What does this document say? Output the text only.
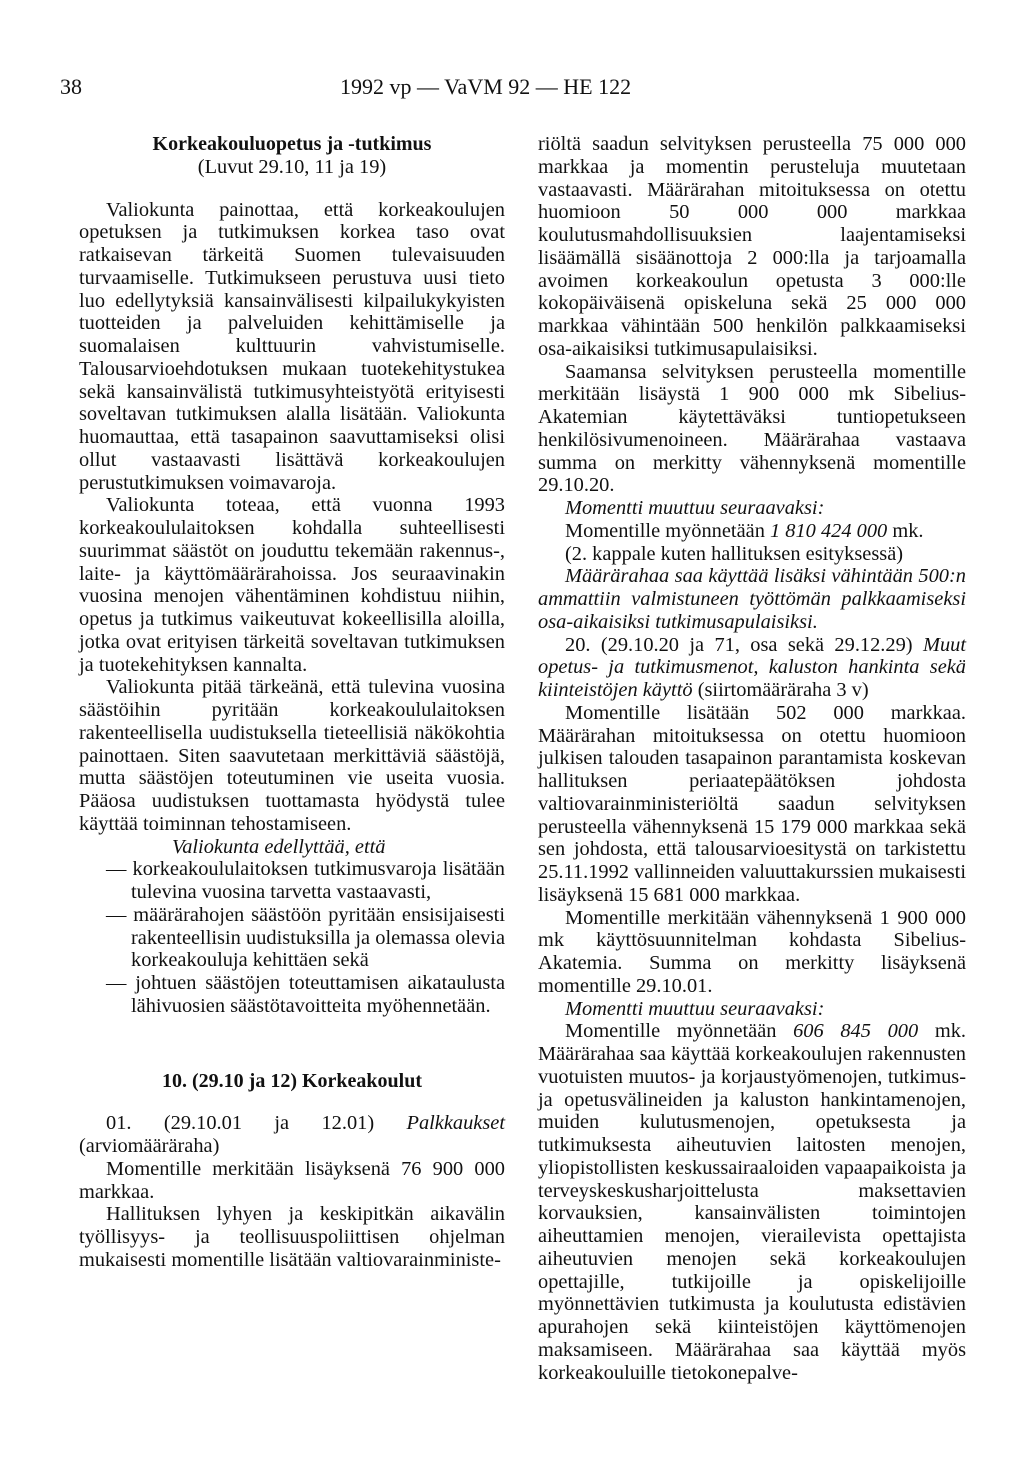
38	1992 vp — VaVM 92 — HE 122

Korkeakouluopetus ja -tutkimus

(Luvut 29.10, 11 ja 19)

Valiokunta painottaa, että korkeakoulujen opetuksen ja tutkimuksen korkea taso ovat ratkaisevan tärkeitä Suomen tulevaisuuden turvaamiselle. Tutkimukseen perustuva uusi tieto luo edellytyksiä kansainvälisesti kilpailukykyisten tuotteiden ja palveluiden kehittämiselle ja suomalaisen kulttuurin vahvistumiselle. Talousarvioehdotuksen mukaan tuotekehitystukea sekä kansainvälistä tutkimusyhteistyötä erityisesti soveltavan tutkimuksen alalla lisätään. Valiokunta huomauttaa, että tasapainon saavuttamiseksi olisi ollut vastaavasti lisättävä korkeakoulujen perustutkimuksen voimavaroja.

Valiokunta toteaa, että vuonna 1993 korkeakoululaitoksen kohdalla suhteellisesti suurimmat säästöt on jouduttu tekemään rakennus-, laite- ja käyttömäärärahoissa. Jos seuraavinakin vuosina menojen vähentäminen kohdistuu niihin, opetus ja tutkimus vaikeutuvat kokeellisilla aloilla, jotka ovat erityisen tärkeitä soveltavan tutkimuksen ja tuotekehityksen kannalta.

Valiokunta pitää tärkeänä, että tulevina vuosina säästöihin pyritään korkeakoululaitoksen rakenteellisella uudistuksella tieteellisiä näkökohtia painottaen. Siten saavutetaan merkittäviä säästöjä, mutta säästöjen toteutuminen vie useita vuosia. Pääosa uudistuksen tuottamasta hyödystä tulee käyttää toiminnan tehostamiseen.

Valiokunta edellyttää, että

— korkeakoululaitoksen tutkimusvaroja lisätään tulevina vuosina tarvetta vastaavasti,

— määrärahojen säästöön pyritään ensisijaisesti rakenteellisin uudistuksilla ja olemassa olevia korkeakouluja kehittäen sekä

— johtuen säästöjen toteuttamisen aikataulusta lähivuosien säästötavoitteita myöhennetään.

10. (29.10 ja 12) Korkeakoulut

01. (29.10.01 ja 12.01) Palkkaukset (arviomääräraha)

Momentille merkitään lisäyksenä 76 900 000 markkaa.

Hallituksen lyhyen ja keskipitkän aikavälin työllisyys- ja teollisuuspoliittisen ohjelman mukaisesti momentille lisätään valtiovarainministe-

riöltä saadun selvityksen perusteella 75 000 000 markkaa ja momentin perusteluja muutetaan vastaavasti. Määrärahan mitoituksessa on otettu huomioon 50 000 000 markkaa koulutusmahdollisuuksien laajentamiseksi lisäämällä sisäänottoja 2 000:lla ja tarjoamalla avoimen korkeakoulun opetusta 3 000:lle kokopäiväisenä opiskeluna sekä 25 000 000 markkaa vähintään 500 henkilön palkkaamiseksi osa-aikaisiksi tutkimusapulaisiksi.

Saamansa selvityksen perusteella momentille merkitään lisäystä 1 900 000 mk Sibelius-Akatemian käytettäväksi tuntiopetukseen henkilösivumenoineen. Määrärahaa vastaava summa on merkitty vähennyksenä momentille 29.10.20.

Momentti muuttuu seuraavaksi:

Momentille myönnetään 1 810 424 000 mk.

(2. kappale kuten hallituksen esityksessä)

Määrärahaa saa käyttää lisäksi vähintään 500:n ammattiin valmistuneen työttömän palkkaamiseksi osa-aikaisiksi tutkimusapulaisiksi.

20. (29.10.20 ja 71, osa sekä 29.12.29) Muut opetus- ja tutkimusmenot, kaluston hankinta sekä kiinteistöjen käyttö (siirtomääräraha 3 v)

Momentille lisätään 502 000 markkaa. Määrärahan mitoituksessa on otettu huomioon julkisen talouden tasapainon parantamista koskevan hallituksen periaatepäätöksen johdosta valtiovarainministeriöltä saadun selvityksen perusteella vähennyksenä 15 179 000 markkaa sekä sen johdosta, että talousarvioesitystä on tarkistettu 25.11.1992 vallinneiden valuuttakurssien mukaisesti lisäyksenä 15 681 000 markkaa.

Momentille merkitään vähennyksenä 1 900 000 mk käyttösuunnitelman kohdasta Sibelius-Akatemia. Summa on merkitty lisäyksenä momentille 29.10.01.

Momentti muuttuu seuraavaksi:

Momentille myönnetään 606 845 000 mk. Määrärahaa saa käyttää korkeakoulujen rakennusten vuotuisten muutos- ja korjaustyömenojen, tutkimus- ja opetusvälineiden ja kaluston hankintamenojen, muiden kulutusmenojen, opetuksesta ja tutkimuksesta aiheutuvien laitosten menojen, yliopistollisten keskussairaaloiden vapaapaikoista ja terveyskeskusharjoittelusta maksettavien korvauksien, kansainvälisten toimintojen aiheuttamien menojen, vierailevista opettajista aiheutuvien menojen sekä korkeakoulujen opettajille, tutkijoille ja opiskelijoille myönnettävien tutkimusta ja koulutusta edistävien apurahojen sekä kiinteistöjen käyttömenojen maksamiseen. Määrärahaa saa käyttää myös korkeakouluille tietokonepalve-
